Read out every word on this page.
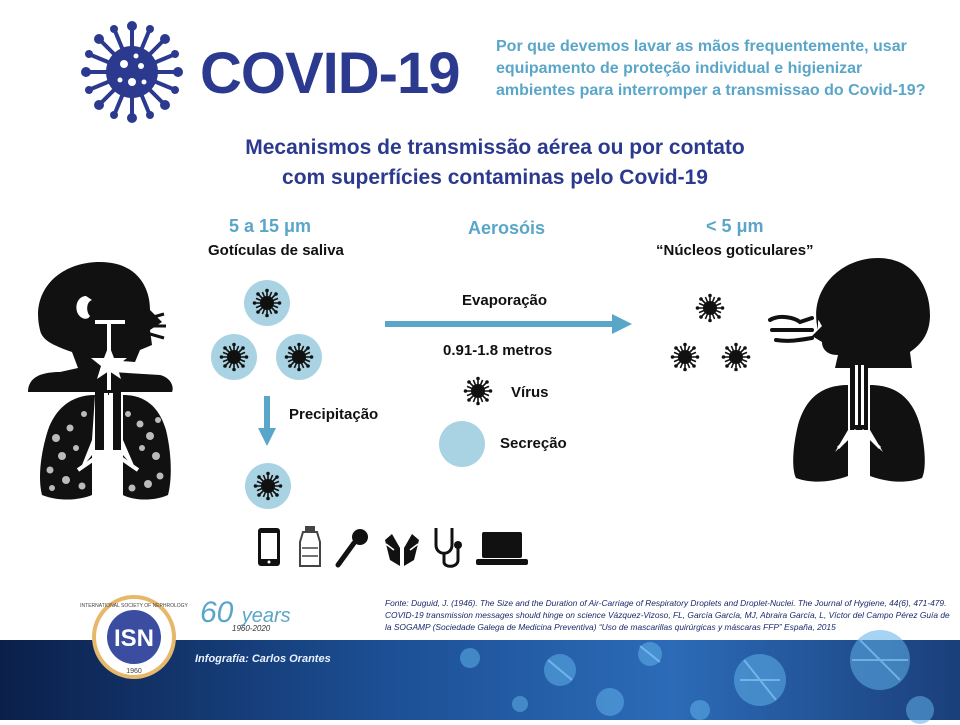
COVID-19 Por que devemos lavar as mãos frequentemente, usar equipamento de proteção individual e higienizar ambientes para interromper a transmissao do Covid-19?
Mecanismos de transmissão aérea ou por contato
com superfícies contaminas pelo Covid-19
5 a 15 μm
Gotículas de saliva
Aerosóis
Evaporação
0.91-1.8 metros
Vírus
Secreção
Precipitação
< 5 μm
“Núcleos goticulares”
ISN
1960
INTERNATIONAL SOCIETY OF NEPHROLOGY 60 years
1960-2020
Fonte: Duguid, J. (1946). The Size and the Duration of Air-Carriage of Respiratory Droplets and Droplet-Nuclei. The Journal of Hygiene, 44(6), 471-479. COVID-19 transmission messages should hinge on science Vázquez-Vizoso, FL, García García, MJ, Abraira García, L, Víctor del Campo Pérez Guía de la SOGAMP (Sociedade Galega de Medicina Preventiva) “Uso de mascarillas quirúrgicas y máscaras FFP” España, 2015
Infografía: Carlos Orantes
